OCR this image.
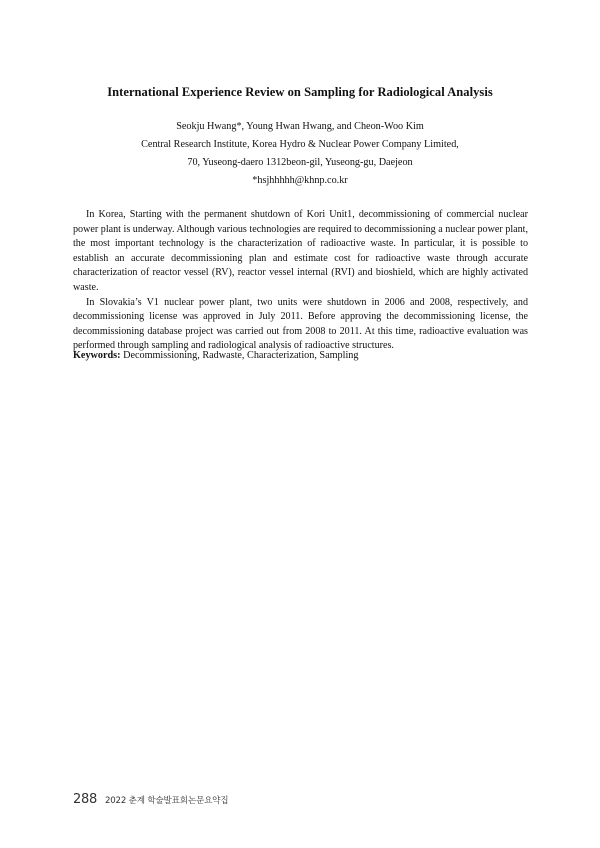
International Experience Review on Sampling for Radiological Analysis
Seokju Hwang*, Young Hwan Hwang, and Cheon-Woo Kim
Central Research Institute, Korea Hydro & Nuclear Power Company Limited,
70, Yuseong-daero 1312beon-gil, Yuseong-gu, Daejeon
*hsjhhhhh@khnp.co.kr

In Korea, Starting with the permanent shutdown of Kori Unit1, decommissioning of commercial nuclear power plant is underway. Although various technologies are required to decommissioning a nuclear power plant, the most important technology is the characterization of radioactive waste. In particular, it is possible to establish an accurate decommissioning plan and estimate cost for radioactive waste through accurate characterization of reactor vessel (RV), reactor vessel internal (RVI) and bioshield, which are highly activated waste.

In Slovakia’s V1 nuclear power plant, two units were shutdown in 2006 and 2008, respectively, and decommissioning license was approved in July 2011. Before approving the decommissioning license, the decommissioning database project was carried out from 2008 to 2011. At this time, radioactive evaluation was performed through sampling and radiological analysis of radioactive structures.

Keywords: Decommissioning, Radwaste, Characterization, Sampling
288 2022 춘계 학술발표회논문요약집
